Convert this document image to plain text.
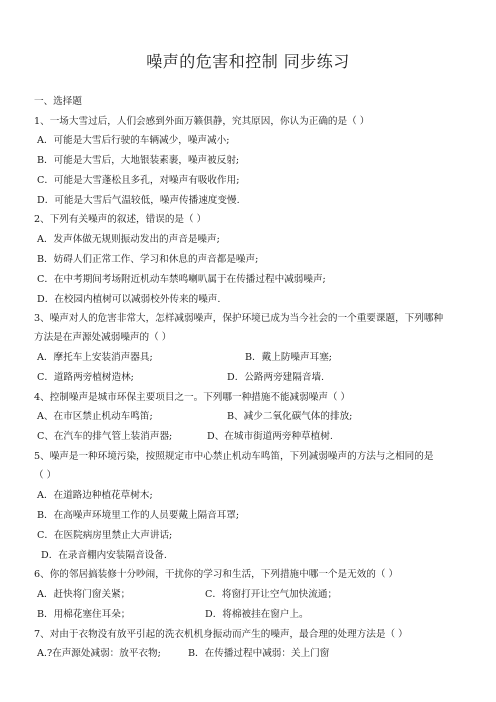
噪声的危害和控制 同步练习
一、选择题
1、一场大雪过后，人们会感到外面万籁俱静，究其原因，你认为正确的是（ ）
A．可能是大雪后行驶的车辆减少，噪声减小;
B．可能是大雪后，大地银装素裹，噪声被反射;
C．可能是大雪蓬松且多孔，对噪声有吸收作用;
D．可能是大雪后气温较低，噪声传播速度变慢.
2、下列有关噪声的叙述，错误的是（ ）
A．发声体做无规则振动发出的声音是噪声;
B．妨碍人们正常工作、学习和休息的声音都是噪声;
C．在中考期间考场附近机动车禁鸣喇叭属于在传播过程中减弱噪声;
D．在校园内植树可以减弱校外传来的噪声.
3、噪声对人的危害非常大，怎样减弱噪声，保护环境已成为当今社会的一个重要课题，下列哪种
方法是在声源处减弱噪声的（ ）
A．摩托车上安装消声器具;	B．戴上防噪声耳塞;
C．道路两旁植树造林;	D．公路两旁建隔音墙.
4、控制噪声是城市环保主要项目之一。下列哪一种措施不能减弱噪声（ ）
A、在市区禁止机动车鸣笛;	B、减少二氧化碳气体的排放;
C、在汽车的排气管上装消声器;	D、在城市街道两旁种草植树.
5、噪声是一种环境污染，按照规定市中心禁止机动车鸣笛，下列减弱噪声的方法与之相同的是
（ ）
A．在道路边种植花草树木;
B．在高噪声环境里工作的人员要戴上隔音耳罩;
C．在医院病房里禁止大声讲话;
D．在录音棚内安装隔音设备.
6、你的邻居搞装修十分吵闹，干扰你的学习和生活，下列措施中哪一个是无效的（ ）
A．赶快将门窗关紧；	C．将窗打开让空气加快流通；
B．用棉花塞住耳朵；	D．将棉被挂在窗户上。
7、对由于衣物没有放平引起的洗衣机机身振动而产生的噪声，最合理的处理方法是（ ）
A.?在声源处减弱：放平衣物;	B．在传播过程中减弱：关上门窗
